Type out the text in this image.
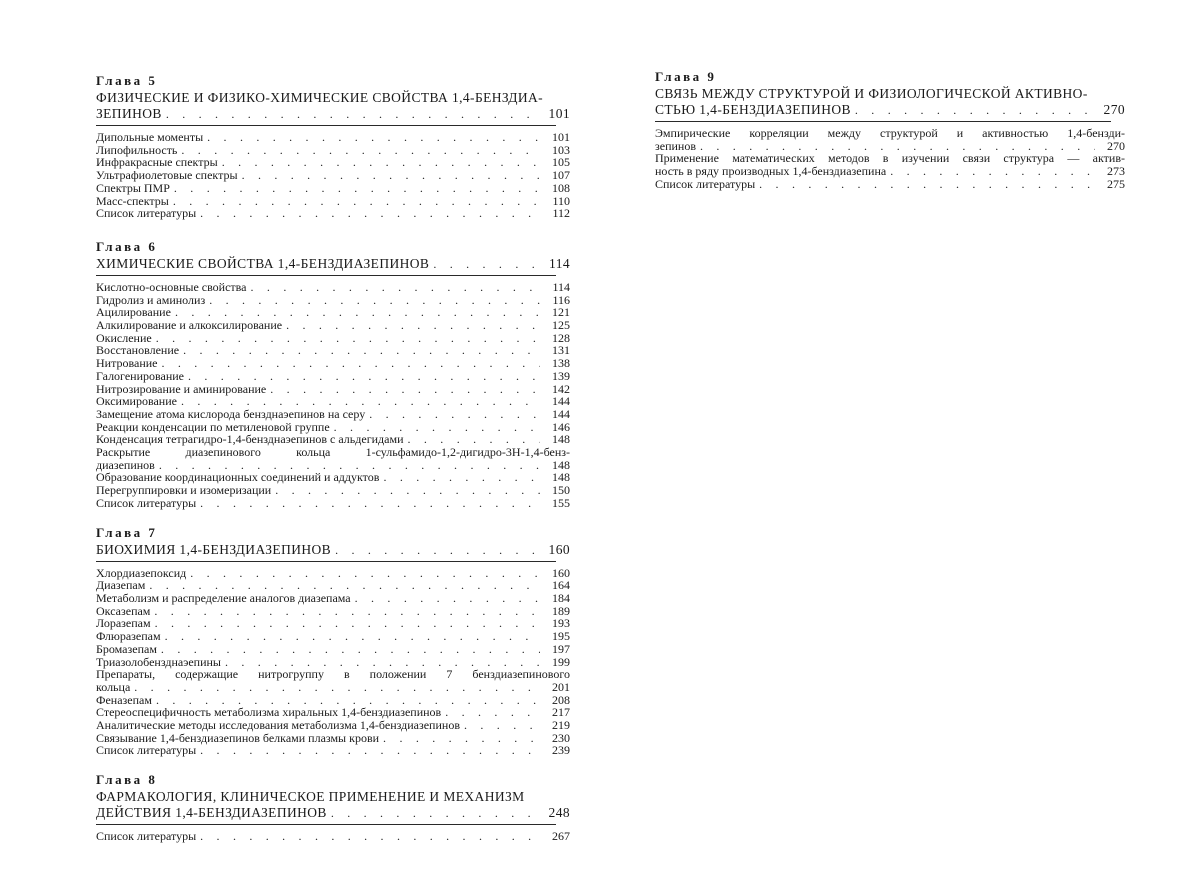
Глава 5
ФИЗИЧЕСКИЕ И ФИЗИКО-ХИМИЧЕСКИЕ СВОЙСТВА 1,4-БЕНЗДИА-
ЗЕПИНОВ . . .	101
Дипольные моменты . . .	101
Липофильность . . .	103
Инфракрасные спектры . . .	105
Ультрафиолетовые спектры . . .	107
Спектры ПМР . . .	108
Масс-спектры . . .	110
Список литературы . . .	112
Глава 6
ХИМИЧЕСКИЕ СВОЙСТВА 1,4-БЕНЗДИАЗЕПИНОВ . . .	114
Кислотно-основные свойства . . .	114
Гидролиз и аминолиз . . .	116
Ацилирование . . .	121
Алкилирование и алкоксилирование . . .	125
Окисление . . .	128
Восстановление . . .	131
Нитрование . . .	138
Галогенирование . . .	139
Нитрозирование и аминирование . . .	142
Оксимирование . . .	144
Замещение атома кислорода бензднаэепинов на серу . . .	144
Реакции конденсации по метиленовой группе . . .	146
Конденсация тетрагидро-1,4-бензднаэепинов с альдегидами . . .	148
Раскрытие диазепинового кольца 1-сульфамидо-1,2-дигидро-3Н-1,4-бенз-
диазепинов . . .	148
Образование координационных соединений и аддуктов . . .	148
Перегруппировки и изомеризации . . .	150
Список литературы . . .	155
Глава 7
БИОХИМИЯ 1,4-БЕНЗДИАЗЕПИНОВ . . .	160
Хлордиазепоксид . . .	160
Диазепам . . .	164
Метаболизм и распределение аналогов диазепама . . .	184
Оксазепам . . .	189
Лоразепам . . .	193
Флюразепам . . .	195
Бромазепам . . .	197
Триазолобензднаэепины . . .	199
Препараты, содержащие нитрогруппу в положении 7 бенздиазепинового
кольца . . .	201
Феназепам . . .	208
Стереоспецифичность метаболизма хиральных 1,4-бенздиазепинов . . .	217
Аналитические методы исследования метаболизма 1,4-бенздиазепинов . . .	219
Связывание 1,4-бенздиазепинов белками плазмы крови . . .	230
Список литературы . . .	239
Глава 8
ФАРМАКОЛОГИЯ, КЛИНИЧЕСКОЕ ПРИМЕНЕНИЕ И МЕХАНИЗМ
ДЕЙСТВИЯ 1,4-БЕНЗДИАЗЕПИНОВ . . .	248
Список литературы . . .	267
Глава 9
СВЯЗЬ МЕЖДУ СТРУКТУРОЙ И ФИЗИОЛОГИЧЕСКОЙ АКТИВНО-
СТЬЮ 1,4-БЕНЗДИАЗЕПИНОВ . . .	270
Эмпирические корреляции между структурой и активностью 1,4-бензди-
зепинов . . .	270
Применение математических методов в изучении связи структура — актив-
ность в ряду производных 1,4-бенздиазепина . . .	273
Список литературы . . .	275
